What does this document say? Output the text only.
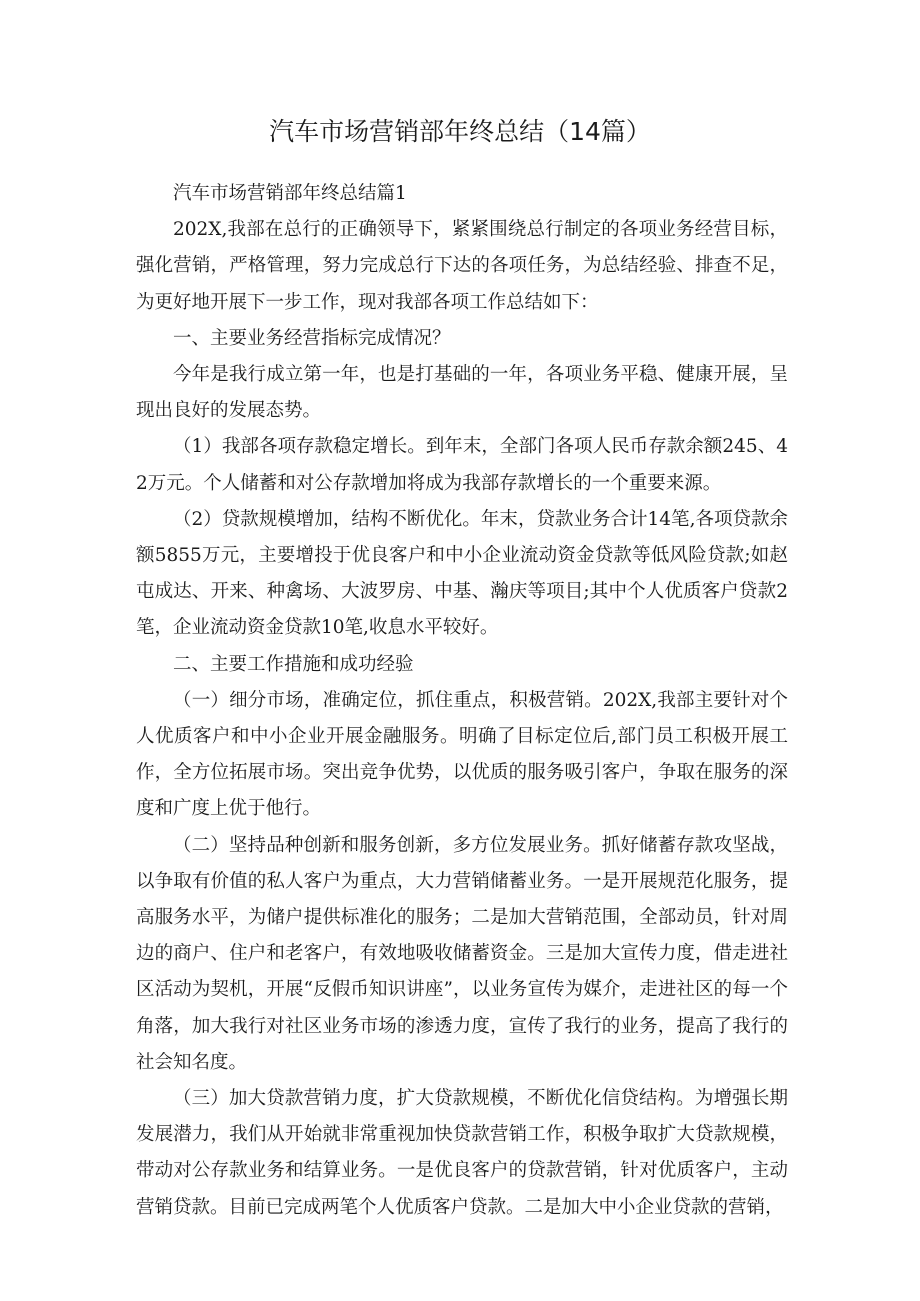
汽车市场营销部年终总结（14篇）

汽车市场营销部年终总结篇1

202X,我部在总行的正确领导下，紧紧围绕总行制定的各项业务经营目标，强化营销，严格管理，努力完成总行下达的各项任务，为总结经验、排查不足，为更好地开展下一步工作，现对我部各项工作总结如下：

一、主要业务经营指标完成情况？

今年是我行成立第一年，也是打基础的一年，各项业务平稳、健康开展，呈现出良好的发展态势。

（1）我部各项存款稳定增长。到年末，全部门各项人民币存款余额245、42万元。个人储蓄和对公存款增加将成为我部存款增长的一个重要来源。

（2）贷款规模增加，结构不断优化。年末，贷款业务合计14笔,各项贷款余额5855万元，主要增投于优良客户和中小企业流动资金贷款等低风险贷款;如赵屯成达、开来、种禽场、大波罗房、中基、瀚庆等项目;其中个人优质客户贷款2笔，企业流动资金贷款10笔,收息水平较好。

二、主要工作措施和成功经验

（一）细分市场，准确定位，抓住重点，积极营销。202X,我部主要针对个人优质客户和中小企业开展金融服务。明确了目标定位后,部门员工积极开展工作，全方位拓展市场。突出竞争优势，以优质的服务吸引客户，争取在服务的深度和广度上优于他行。

（二）坚持品种创新和服务创新，多方位发展业务。抓好储蓄存款攻坚战，以争取有价值的私人客户为重点，大力营销储蓄业务。一是开展规范化服务，提高服务水平，为储户提供标准化的服务；二是加大营销范围，全部动员，针对周边的商户、住户和老客户，有效地吸收储蓄资金。三是加大宣传力度，借走进社区活动为契机，开展“反假币知识讲座”，以业务宣传为媒介，走进社区的每一个角落，加大我行对社区业务市场的渗透力度，宣传了我行的业务，提高了我行的社会知名度。

（三）加大贷款营销力度，扩大贷款规模，不断优化信贷结构。为增强长期发展潜力，我们从开始就非常重视加快贷款营销工作，积极争取扩大贷款规模，带动对公存款业务和结算业务。一是优良客户的贷款营销，针对优质客户，主动营销贷款。目前已完成两笔个人优质客户贷款。二是加大中小企业贷款的营销，
